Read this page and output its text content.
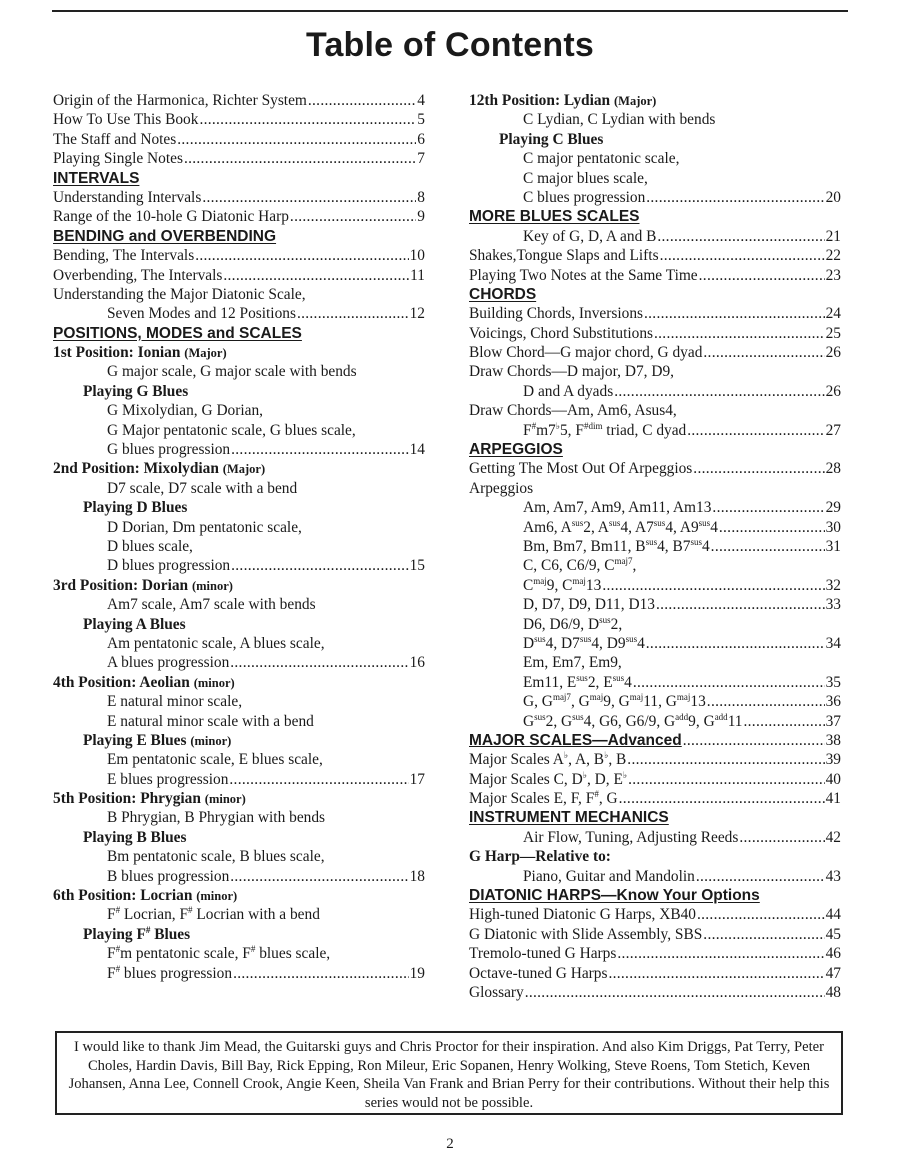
Table of Contents
Origin of the Harmonica, Richter System .....	4
How To Use This Book .....	5
The Staff and Notes .....	6
Playing Single Notes .....	7
INTERVALS
Understanding Intervals .....	8
Range of the 10-hole G Diatonic Harp .....	9
BENDING and OVERBENDING
Bending, The Intervals .....	10
Overbending, The Intervals .....	11
Understanding the Major Diatonic Scale,
Seven Modes and 12 Positions .....	12
POSITIONS, MODES and SCALES
1st Position: Ionian (Major)
G major scale, G major scale with bends
Playing G Blues
G Mixolydian, G Dorian,
G Major pentatonic scale, G blues scale,
G blues progression .....	14
2nd Position: Mixolydian (Major)
D7 scale, D7 scale with a bend
Playing D Blues
D Dorian, Dm pentatonic scale,
D blues scale,
D blues progression .....	15
3rd Position: Dorian (minor)
Am7 scale, Am7 scale with bends
Playing A Blues
Am pentatonic scale, A blues scale,
A blues progression .....	16
4th Position: Aeolian (minor)
E natural minor scale,
E natural minor scale with a bend
Playing E Blues (minor)
Em pentatonic scale, E blues scale,
E blues progression .....	17
5th Position: Phrygian (minor)
B Phrygian, B Phrygian with bends
Playing B Blues
Bm pentatonic scale, B blues scale,
B blues progression .....	18
6th Position: Locrian (minor)
F# Locrian, F# Locrian with a bend
Playing F# Blues
F#m pentatonic scale, F# blues scale,
F# blues progression .....	19
12th Position: Lydian (Major)
C Lydian, C Lydian with bends
Playing C Blues
C major pentatonic scale,
C major blues scale,
C blues progression .....	20
MORE BLUES SCALES
Key of G, D, A and B .....	21
Shakes,Tongue Slaps and Lifts .....	22
Playing Two Notes at the Same Time .....	23
CHORDS
Building Chords, Inversions .....	24
Voicings, Chord Substitutions .....	25
Blow Chord—G major chord, G dyad .....	26
Draw Chords—D major, D7, D9,
D and A dyads .....	26
Draw Chords—Am, Am6, Asus4,
F#m7♭5, $F^{\#dim}$ triad, C dyad .....	27
ARPEGGIOS
Getting The Most Out Of Arpeggios .....	28
Arpeggios
Am, Am7, Am9, Am11, Am13 .....	29
Am6, $A^{sus}2$, $A^{sus}4$, $A7^{sus}4$, $A9^{sus}4$ .....	30
Bm, Bm7, Bm11, $B^{sus}4$, $B7^{sus}4$ .....	31
C, C6, C6/9, $C^{maj7}$,
$C^{maj}9$, $C^{maj}13$ .....	32
D, D7, D9, D11, D13 .....	33
D6, D6/9, $D^{sus}2$,
$D^{sus}4$, $D7^{sus}4$, $D9^{sus}4$ .....	34
Em, Em7, Em9,
Em11, $E^{sus}2$, $E^{sus}4$ .....	35
G, $G^{maj7}$, $G^{maj}9$, $G^{maj}11$, $G^{maj}13$ .....	36
$G^{sus}2$, $G^{sus}4$, G6, G6/9, $G^{add}9$, $G^{add}11$ .....	37
MAJOR SCALES—Advanced .....	38
Major Scales A♭, A, B♭, B .....	39
Major Scales C, D♭, D, E♭ .....	40
Major Scales E, F, F#, G .....	41
INSTRUMENT MECHANICS
Air Flow, Tuning, Adjusting Reeds .....	42
G Harp—Relative to:
Piano, Guitar and Mandolin .....	43
DIATONIC HARPS—Know Your Options
High-tuned Diatonic G Harps, XB40 .....	44
G Diatonic with Slide Assembly, SBS .....	45
Tremolo-tuned G Harps .....	46
Octave-tuned G Harps .....	47
Glossary .....	48
I would like to thank Jim Mead, the Guitarski guys and Chris Proctor for their inspiration. And also Kim Driggs, Pat Terry, Peter Choles, Hardin Davis, Bill Bay, Rick Epping, Ron Mileur, Eric Sopanen, Henry Wolking, Steve Roens, Tom Stetich, Keven Johansen, Anna Lee, Connell Crook, Angie Keen, Sheila Van Frank and Brian Perry for their contributions. Without their help this series would not be possible.
2
